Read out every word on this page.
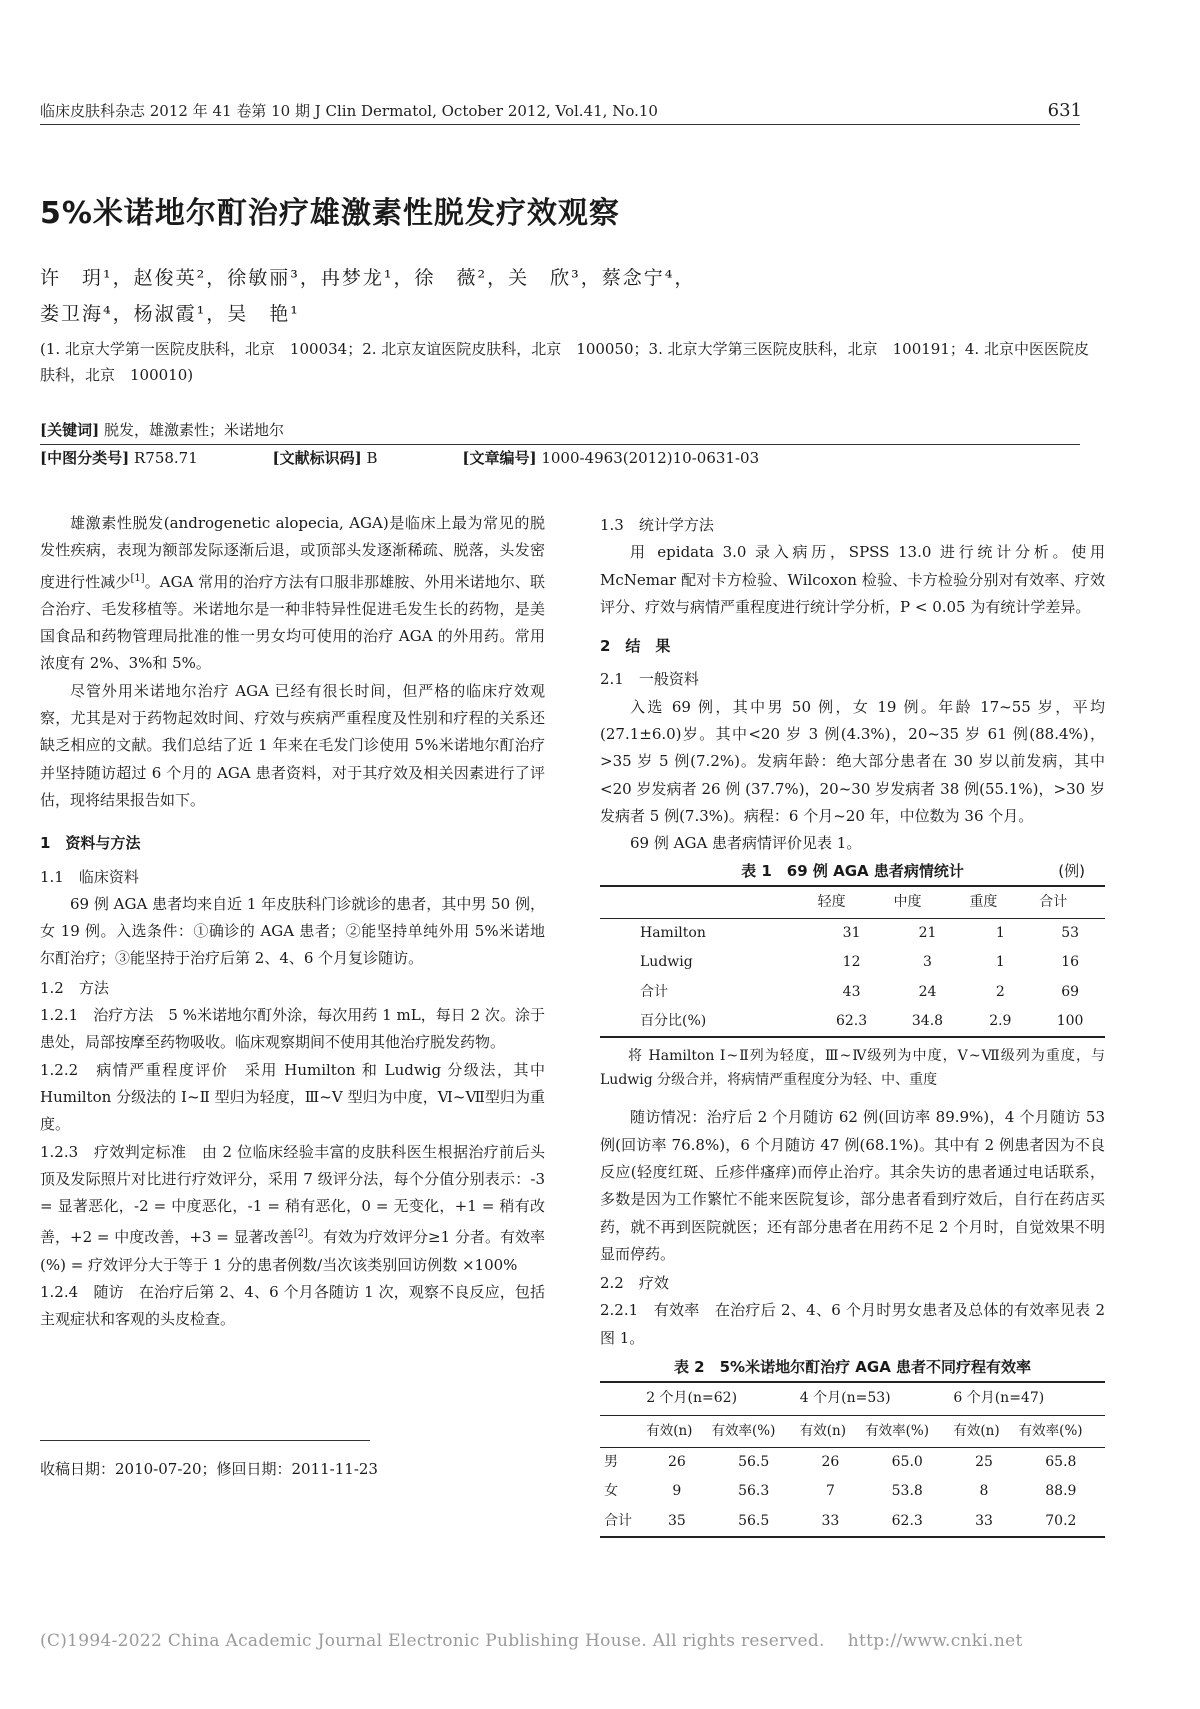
临床皮肤科杂志 2012 年 41 卷第 10 期 J Clin Dermatol, October 2012, Vol.41, No.10	631
5%米诺地尔酊治疗雄激素性脱发疗效观察
许　玥¹，赵俊英²，徐敏丽³，冉梦龙¹，徐　薇²，关　欣³，蔡念宁⁴，
娄卫海⁴，杨淑霞¹，吴　艳¹
(1. 北京大学第一医院皮肤科，北京　100034；2. 北京友谊医院皮肤科，北京　100050；3. 北京大学第三医院皮肤科，北京　100191；4. 北京中医医院皮肤科，北京　100010)
[关键词] 脱发，雄激素性；米诺地尔
[中图分类号] R758.71	[文献标识码] B	[文章编号] 1000-4963(2012)10-0631-03

雄激素性脱发(androgenetic alopecia, AGA)是临床上最为常见的脱发性疾病，表现为额部发际逐渐后退，或顶部头发逐渐稀疏、脱落，头发密度进行性减少[1]。AGA 常用的治疗方法有口服非那雄胺、外用米诺地尔、联合治疗、毛发移植等。米诺地尔是一种非特异性促进毛发生长的药物，是美国食品和药物管理局批准的惟一男女均可使用的治疗 AGA 的外用药。常用浓度有 2%、3%和 5%。

尽管外用米诺地尔治疗 AGA 已经有很长时间，但严格的临床疗效观察，尤其是对于药物起效时间、疗效与疾病严重程度及性别和疗程的关系还缺乏相应的文献。我们总结了近 1 年来在毛发门诊使用 5%米诺地尔酊治疗并坚持随访超过 6 个月的 AGA 患者资料，对于其疗效及相关因素进行了评估，现将结果报告如下。

1　资料与方法

1.1　临床资料

69 例 AGA 患者均来自近 1 年皮肤科门诊就诊的患者，其中男 50 例，女 19 例。入选条件：①确诊的 AGA 患者；②能坚持单纯外用 5%米诺地尔酊治疗；③能坚持于治疗后第 2、4、6 个月复诊随访。

1.2　方法

1.2.1　治疗方法　5 %米诺地尔酊外涂，每次用药 1 mL，每日 2 次。涂于患处，局部按摩至药物吸收。临床观察期间不使用其他治疗脱发药物。

1.2.2　病情严重程度评价　采用 Humilton 和 Ludwig 分级法，其中 Humilton 分级法的 Ⅰ~Ⅱ 型归为轻度，Ⅲ~Ⅴ 型归为中度，Ⅵ~Ⅶ型归为重度。

1.2.3　疗效判定标准　由 2 位临床经验丰富的皮肤科医生根据治疗前后头顶及发际照片对比进行疗效评分，采用 7 级评分法，每个分值分别表示：-3 = 显著恶化，-2 = 中度恶化，-1 = 稍有恶化，0 = 无变化，+1 = 稍有改善，+2 = 中度改善，+3 = 显著改善[2]。有效为疗效评分≥1 分者。有效率(%) = 疗效评分大于等于 1 分的患者例数/当次该类别回访例数 ×100%

1.2.4　随访　在治疗后第 2、4、6 个月各随访 1 次，观察不良反应，包括主观症状和客观的头皮检查。

收稿日期：2010-07-20；修回日期：2011-11-23

1.3　统计学方法

用 epidata 3.0 录入病历，SPSS 13.0 进行统计分析。使用 McNemar 配对卡方检验、Wilcoxon 检验、卡方检验分别对有效率、疗效评分、疗效与病情严重程度进行统计学分析，P < 0.05 为有统计学差异。

2　结　果

2.1　一般资料

入选 69 例，其中男 50 例，女 19 例。年龄 17~55 岁，平均(27.1±6.0)岁。其中<20 岁 3 例(4.3%)，20~35 岁 61 例(88.4%)，>35 岁 5 例(7.2%)。发病年龄：绝大部分患者在 30 岁以前发病，其中<20 岁发病者 26 例 (37.7%)，20~30 岁发病者 38 例(55.1%)，>30 岁发病者 5 例(7.3%)。病程：6 个月~20 年，中位数为 36 个月。

69 例 AGA 患者病情评价见表 1。

表 1　69 例 AGA 患者病情统计	(例)
	轻度	中度	重度	合计
Hamilton	31	21	1	53
Ludwig	12	3	1	16
合计	43	24	2	69
百分比(%)	62.3	34.8	2.9	100

将 Hamilton Ⅰ~Ⅱ列为轻度，Ⅲ~Ⅳ级列为中度，Ⅴ~Ⅶ级列为重度，与 Ludwig 分级合并，将病情严重程度分为轻、中、重度

随访情况：治疗后 2 个月随访 62 例(回访率 89.9%)，4 个月随访 53 例(回访率 76.8%)，6 个月随访 47 例(68.1%)。其中有 2 例患者因为不良反应(轻度红斑、丘疹伴瘙痒)而停止治疗。其余失访的患者通过电话联系，多数是因为工作繁忙不能来医院复诊，部分患者看到疗效后，自行在药店买药，就不再到医院就医；还有部分患者在用药不足 2 个月时，自觉效果不明显而停药。

2.2　疗效

2.2.1　有效率　在治疗后 2、4、6 个月时男女患者及总体的有效率见表 2 图 1。

表 2　5%米诺地尔酊治疗 AGA 患者不同疗程有效率
	2 个月(n=62)		4 个月(n=53)		6 个月(n=47)	
	有效(n)	有效率(%)	有效(n)	有效率(%)	有效(n)	有效率(%)
男	26	56.5	26	65.0	25	65.8
女	9	56.3	7	53.8	8	88.9
合计	35	56.5	33	62.3	33	70.2
(C)1994-2022 China Academic Journal Electronic Publishing House. All rights reserved.　 http://www.cnki.net
